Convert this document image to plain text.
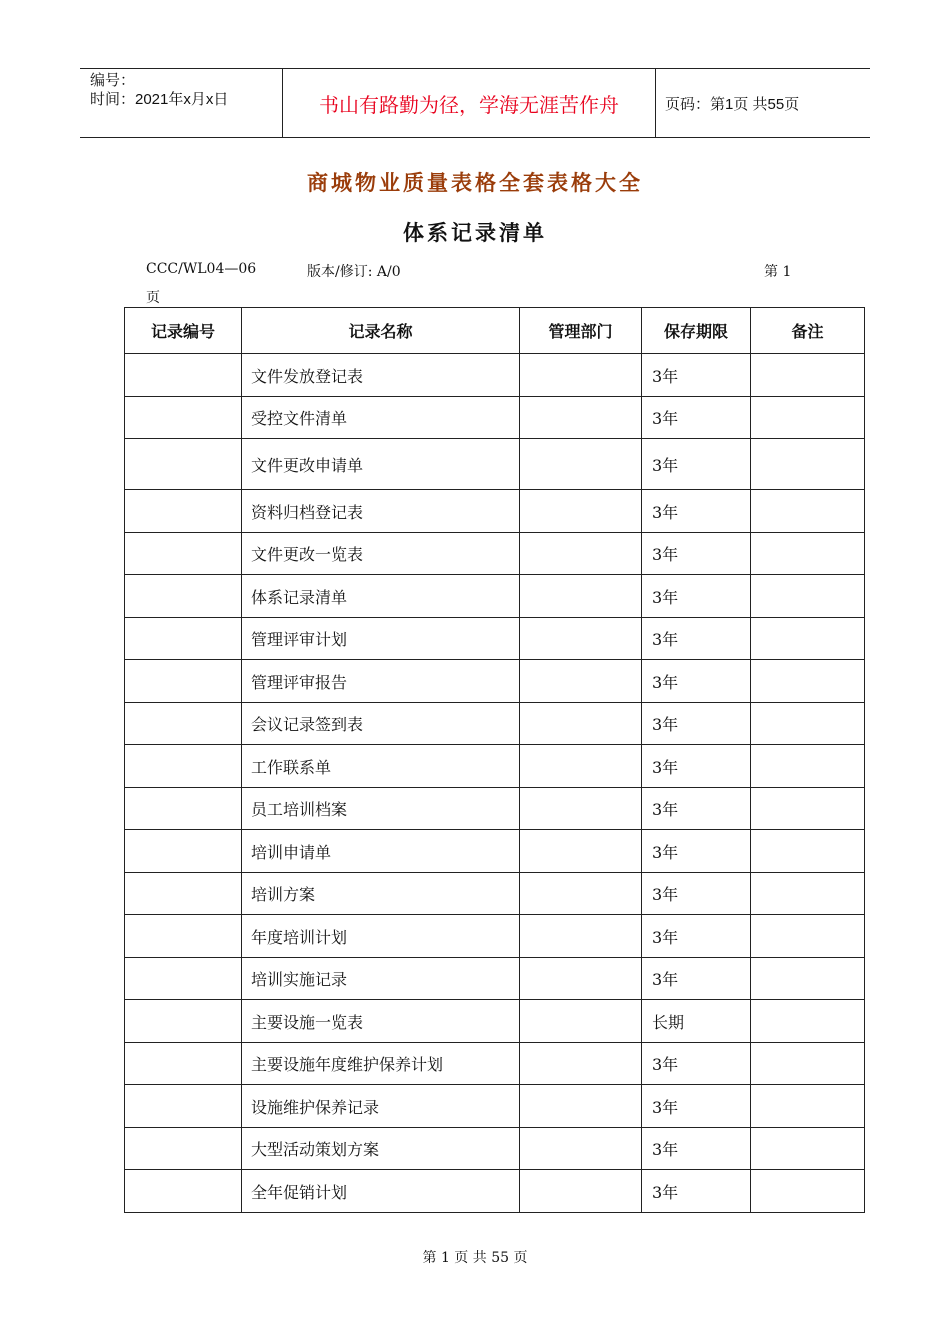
编号：
时间：2021年x月x日	书山有路勤为径，学海无涯苦作舟	页码：第1页 共55页
商城物业质量表格全套表格大全
体系记录清单
CCC/WL04—06	版本/修订: A/0	第 1
页
记录编号	记录名称	管理部门	保存期限	备注
	文件发放登记表		3年	
	受控文件清单		3年	
	文件更改申请单		3年	
	资料归档登记表		3年	
	文件更改一览表		3年	
	体系记录清单		3年	
	管理评审计划		3年	
	管理评审报告		3年	
	会议记录签到表		3年	
	工作联系单		3年	
	员工培训档案		3年	
	培训申请单		3年	
	培训方案		3年	
	年度培训计划		3年	
	培训实施记录		3年	
	主要设施一览表		长期	
	主要设施年度维护保养计划		3年	
	设施维护保养记录		3年	
	大型活动策划方案		3年	
	全年促销计划		3年	
第 1 页 共 55 页
